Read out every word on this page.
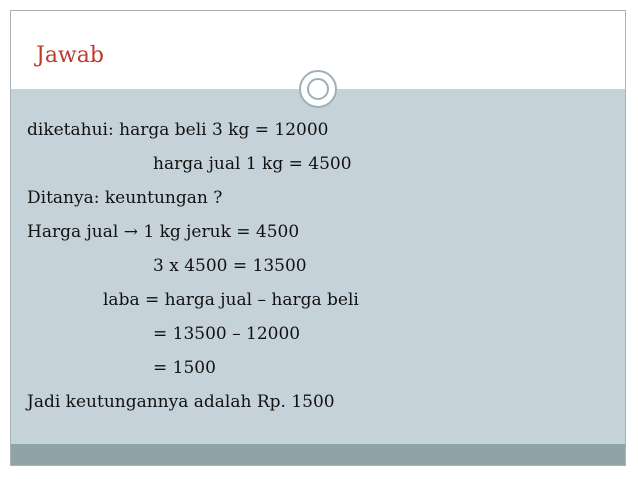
Jawab
diketahui: harga beli 3 kg = 12000
harga jual 1 kg = 4500
Ditanya: keuntungan ?
Harga jual → 1 kg jeruk = 4500
3 x 4500 = 13500
laba = harga jual – harga beli
= 13500 – 12000
= 1500
Jadi keutungannya adalah Rp. 1500
